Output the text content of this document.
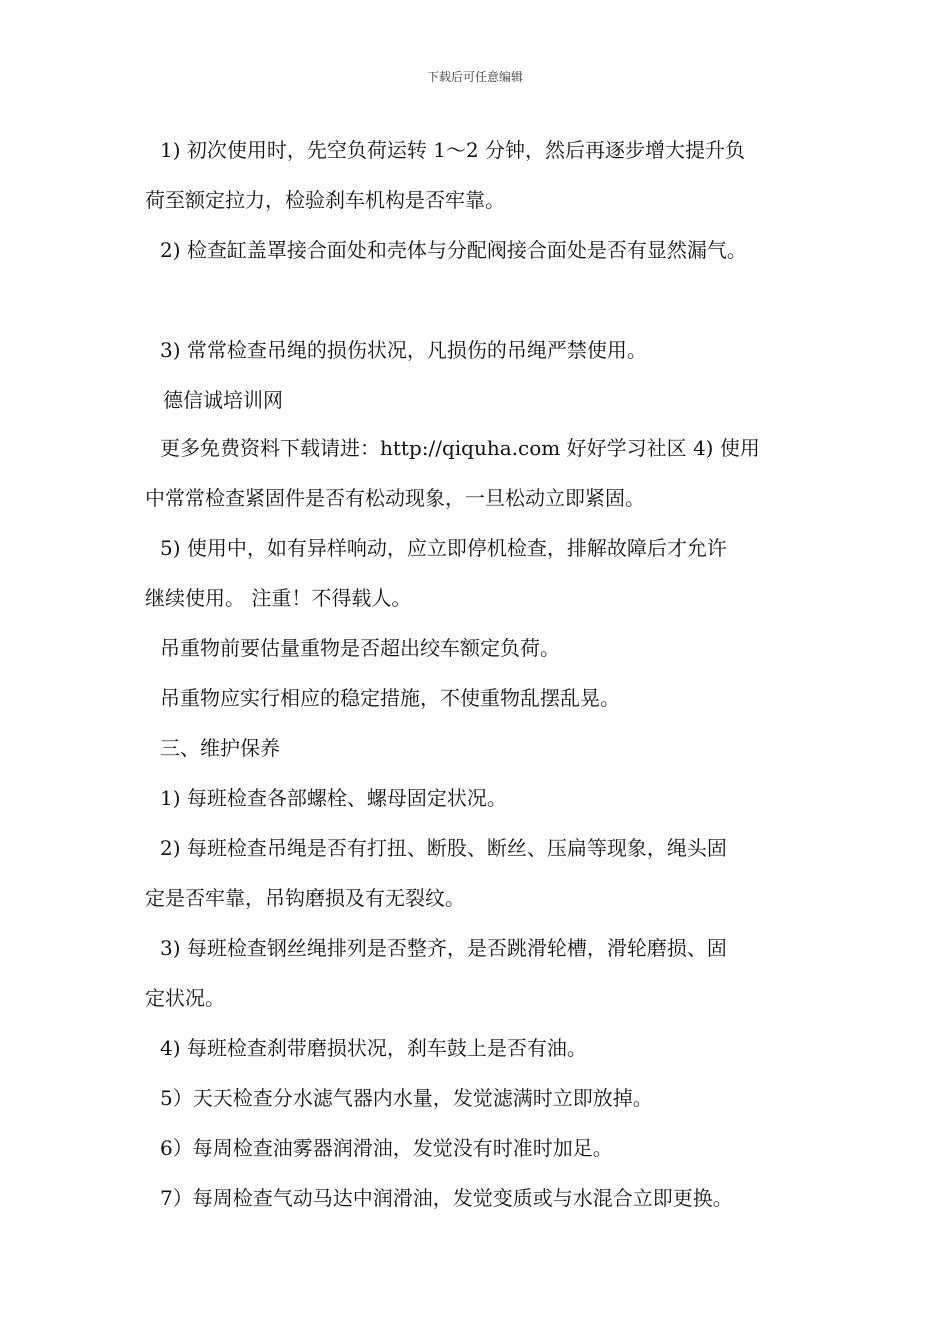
下载后可任意编辑
1) 初次使用时，先空负荷运转 1～2 分钟，然后再逐步增大提升负
荷至额定拉力，检验刹车机构是否牢靠。
2) 检查缸盖罩接合面处和壳体与分配阀接合面处是否有显然漏气。
3) 常常检查吊绳的损伤状况，凡损伤的吊绳严禁使用。
德信诚培训网
更多免费资料下载请进：http://qiquha.com 好好学习社区 4) 使用
中常常检查紧固件是否有松动现象，一旦松动立即紧固。
5) 使用中，如有异样响动，应立即停机检查，排解故障后才允许
继续使用。 注重！不得载人。
吊重物前要估量重物是否超出绞车额定负荷。
吊重物应实行相应的稳定措施，不使重物乱摆乱晃。
三、维护保养
1) 每班检查各部螺栓、螺母固定状况。
2) 每班检查吊绳是否有打扭、断股、断丝、压扁等现象，绳头固
定是否牢靠，吊钩磨损及有无裂纹。
3) 每班检查钢丝绳排列是否整齐，是否跳滑轮槽，滑轮磨损、固
定状况。
4) 每班检查刹带磨损状况，刹车鼓上是否有油。
5）天天检查分水滤气器内水量，发觉滤满时立即放掉。
6）每周检查油雾器润滑油，发觉没有时准时加足。
7）每周检查气动马达中润滑油，发觉变质或与水混合立即更换。
